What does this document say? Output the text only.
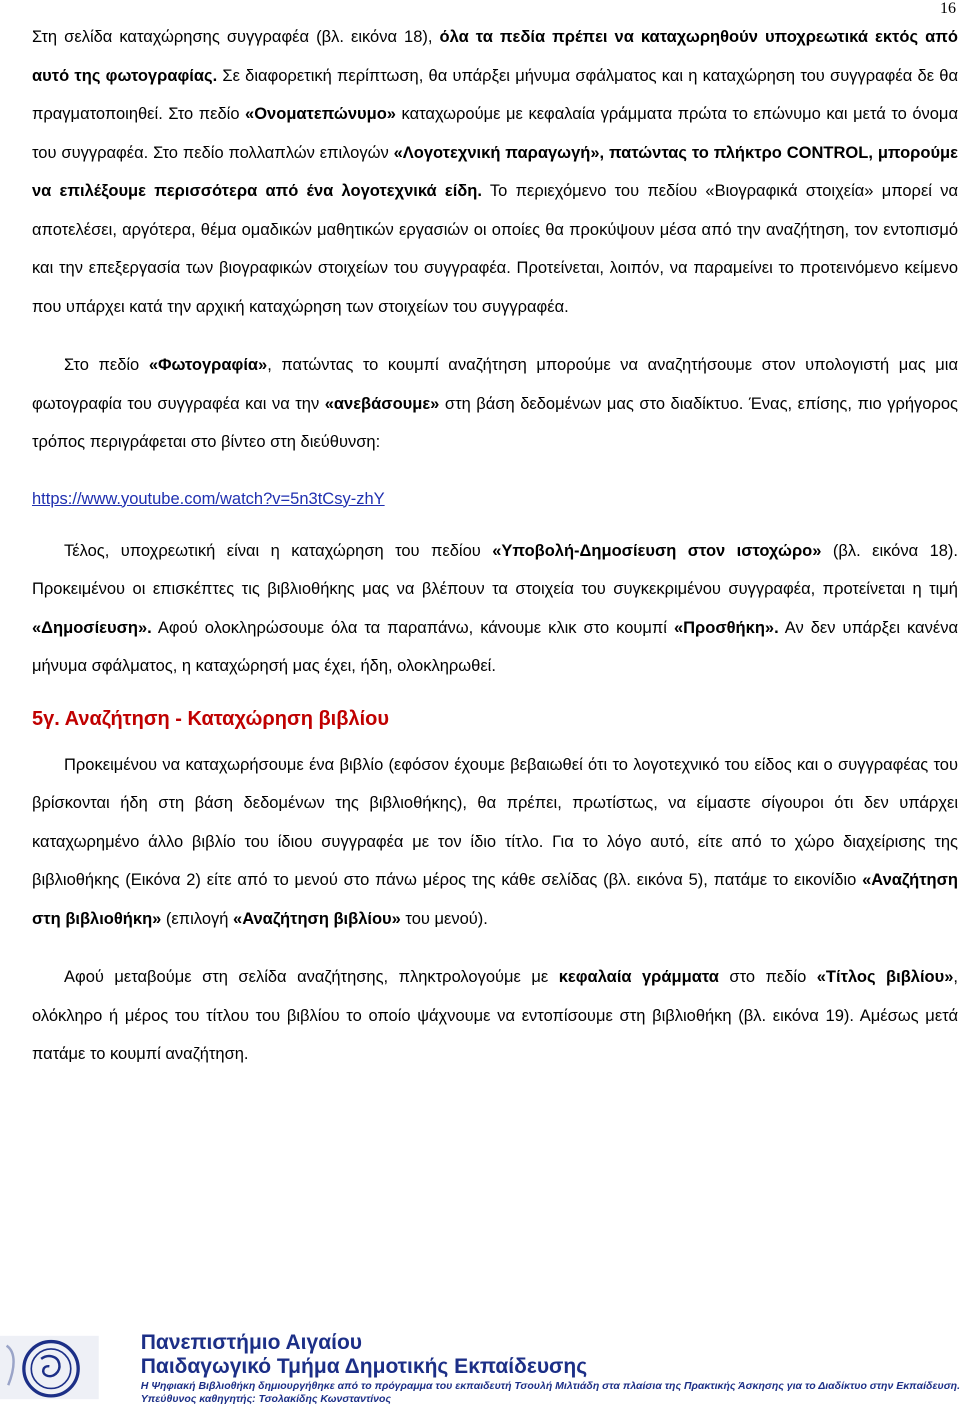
16

Στη σελίδα καταχώρησης συγγραφέα (βλ. εικόνα 18), όλα τα πεδία πρέπει να καταχωρηθούν υποχρεωτικά εκτός από αυτό της φωτογραφίας. Σε διαφορετική περίπτωση, θα υπάρξει μήνυμα σφάλματος και η καταχώρηση του συγγραφέα δε θα πραγματοποιηθεί. Στο πεδίο «Ονοματεπώνυμο» καταχωρούμε με κεφαλαία γράμματα πρώτα το επώνυμο και μετά το όνομα του συγγραφέα. Στο πεδίο πολλαπλών επιλογών «Λογοτεχνική παραγωγή», πατώντας το πλήκτρο CONTROL, μπορούμε να επιλέξουμε περισσότερα από ένα λογοτεχνικά είδη. Το περιεχόμενο του πεδίου «Βιογραφικά στοιχεία» μπορεί να αποτελέσει, αργότερα, θέμα ομαδικών μαθητικών εργασιών οι οποίες θα προκύψουν μέσα από την αναζήτηση, τον εντοπισμό και την επεξεργασία των βιογραφικών στοιχείων του συγγραφέα. Προτείνεται, λοιπόν, να παραμείνει το προτεινόμενο κείμενο που υπάρχει κατά την αρχική καταχώρηση των στοιχείων του συγγραφέα.

Στο πεδίο «Φωτογραφία», πατώντας το κουμπί αναζήτηση μπορούμε να αναζητήσουμε στον υπολογιστή μας μια φωτογραφία του συγγραφέα και να την «ανεβάσουμε» στη βάση δεδομένων μας στο διαδίκτυο. Ένας, επίσης, πιο γρήγορος τρόπος περιγράφεται στο βίντεο στη διεύθυνση:

https://www.youtube.com/watch?v=5n3tCsy-zhY

Τέλος, υποχρεωτική είναι η καταχώρηση του πεδίου «Υποβολή-Δημοσίευση στον ιστοχώρο» (βλ. εικόνα 18). Προκειμένου οι επισκέπτες τις βιβλιοθήκης μας να βλέπουν τα στοιχεία του συγκεκριμένου συγγραφέα, προτείνεται η τιμή «Δημοσίευση». Αφού ολοκληρώσουμε όλα τα παραπάνω, κάνουμε κλικ στο κουμπί «Προσθήκη». Αν δεν υπάρξει κανένα μήνυμα σφάλματος, η καταχώρησή μας έχει, ήδη, ολοκληρωθεί.

5γ. Αναζήτηση - Καταχώρηση βιβλίου

Προκειμένου να καταχωρήσουμε ένα βιβλίο (εφόσον έχουμε βεβαιωθεί ότι το λογοτεχνικό του είδος και ο συγγραφέας του βρίσκονται ήδη στη βάση δεδομένων της βιβλιοθήκης), θα πρέπει, πρωτίστως, να είμαστε σίγουροι ότι δεν υπάρχει καταχωρημένο άλλο βιβλίο του ίδιου συγγραφέα με τον ίδιο τίτλο. Για το λόγο αυτό, είτε από το χώρο διαχείρισης της βιβλιοθήκης (Εικόνα 2) είτε από το μενού στο πάνω μέρος της κάθε σελίδας (βλ. εικόνα 5), πατάμε το εικονίδιο «Αναζήτηση στη βιβλιοθήκη» (επιλογή «Αναζήτηση βιβλίου» του μενού).

Αφού μεταβούμε στη σελίδα αναζήτησης, πληκτρολογούμε με κεφαλαία γράμματα στο πεδίο «Τίτλος βιβλίου», ολόκληρο ή μέρος του τίτλου του βιβλίου το οποίο ψάχνουμε να εντοπίσουμε στη βιβλιοθήκη (βλ. εικόνα 19). Αμέσως μετά πατάμε το κουμπί αναζήτηση.

Πανεπιστήμιο Αιγαίου
Παιδαγωγικό Τμήμα Δημοτικής Εκπαίδευσης
Η Ψηφιακή Βιβλιοθήκη δημιουργήθηκε από το πρόγραμμα του εκπαιδευτή Τσουλή Μιλτιάδη στα πλαίσια της Πρακτικής Άσκησης για το Διαδίκτυο στην Εκπαίδευση.
Υπεύθυνος καθηγητής: Τσολακίδης Κωνσταντίνος
